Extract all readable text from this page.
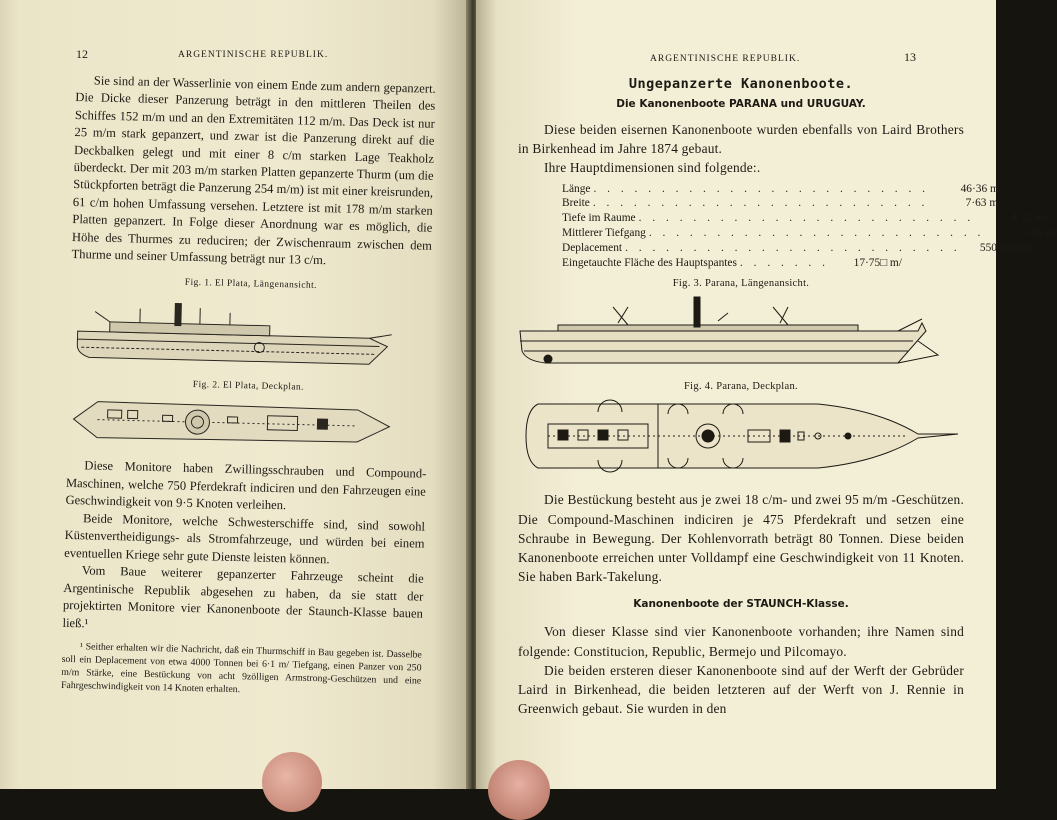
12	ARGENTINISCHE REPUBLIK.

Sie sind an der Wasserlinie von einem Ende zum andern gepanzert. Die Dicke dieser Panzerung beträgt in den mittleren Theilen des Schiffes 152 m/m und an den Extremitäten 112 m/m. Das Deck ist nur 25 m/m stark gepanzert, und zwar ist die Panzerung direkt auf die Deckbalken gelegt und mit einer 8 c/m starken Lage Teakholz überdeckt. Der mit 203 m/m starken Platten gepanzerte Thurm (um die Stückpforten beträgt die Panzerung 254 m/m) ist mit einer kreisrunden, 61 c/m hohen Umfassung versehen. Letztere ist mit 178 m/m starken Platten gepanzert. In Folge dieser Anordnung war es möglich, die Höhe des Thurmes zu reduciren; der Zwischenraum zwischen dem Thurme und seiner Umfassung beträgt nur 13 c/m.

Fig. 1. El Plata, Längenansicht.
Fig. 2. El Plata, Deckplan.

Diese Monitore haben Zwillingsschrauben und Compound-Maschinen, welche 750 Pferdekraft indiciren und den Fahrzeugen eine Geschwindigkeit von 9·5 Knoten verleihen.

Beide Monitore, welche Schwesterschiffe sind, sind sowohl Küstenvertheidigungs- als Stromfahrzeuge, und würden bei einem eventuellen Kriege sehr gute Dienste leisten können.

Vom Baue weiterer gepanzerter Fahrzeuge scheint die Argentinische Republik abgesehen zu haben, da sie statt der projektirten Monitore vier Kanonenboote der Staunch-Klasse bauen ließ.¹

¹ Seither erhalten wir die Nachricht, daß ein Thurmschiff in Bau gegeben ist. Dasselbe soll ein Deplacement von etwa 4000 Tonnen bei 6·1 m/ Tiefgang, einen Panzer von 250 m/m Stärke, eine Bestückung von acht 9zölligen Armstrong-Geschützen und eine Fahrgeschwindigkeit von 14 Knoten erhalten.

ARGENTINISCHE REPUBLIK.	13
Ungepanzerte Kanonenboote.
Die Kanonenboote PARANA und URUGUAY.

Diese beiden eisernen Kanonenboote wurden ebenfalls von Laird Brothers in Birkenhead im Jahre 1874 gebaut.

Ihre Hauptdimensionen sind folgende:.

Länge . . . . . . . . . . . . . . . . . . . . . . . . .	46·36 m/
Breite . . . . . . . . . . . . . . . . . . . . . . . . .	7·63 m/
Tiefe im Raume . . . . . . . . . . . . . . . . . . . . . . . . .	4·12 m/
Mittlerer Tiefgang . . . . . . . . . . . . . . . . . . . . . . . . .	3·05 m/
Deplacement . . . . . . . . . . . . . . . . . . . . . . . . .	550 Tonnen
Eingetauchte Fläche des Hauptspantes . . . . . . .	17·75□ m/
Fig. 3. Parana, Längenansicht.
Fig. 4. Parana, Deckplan.

Die Bestückung besteht aus je zwei 18 c/m- und zwei 95 m/m -Geschützen. Die Compound-Maschinen indiciren je 475 Pferdekraft und setzen eine Schraube in Bewegung. Der Kohlenvorrath beträgt 80 Tonnen. Diese beiden Kanonenboote erreichen unter Volldampf eine Geschwindigkeit von 11 Knoten. Sie haben Bark-Takelung.

Kanonenboote der STAUNCH-Klasse.

Von dieser Klasse sind vier Kanonenboote vorhanden; ihre Namen sind folgende: Constitucion, Republic, Bermejo und Pilcomayo.

Die beiden ersteren dieser Kanonenboote sind auf der Werft der Gebrüder Laird in Birkenhead, die beiden letzteren auf der Werft von J. Rennie in Greenwich gebaut. Sie wurden in den
